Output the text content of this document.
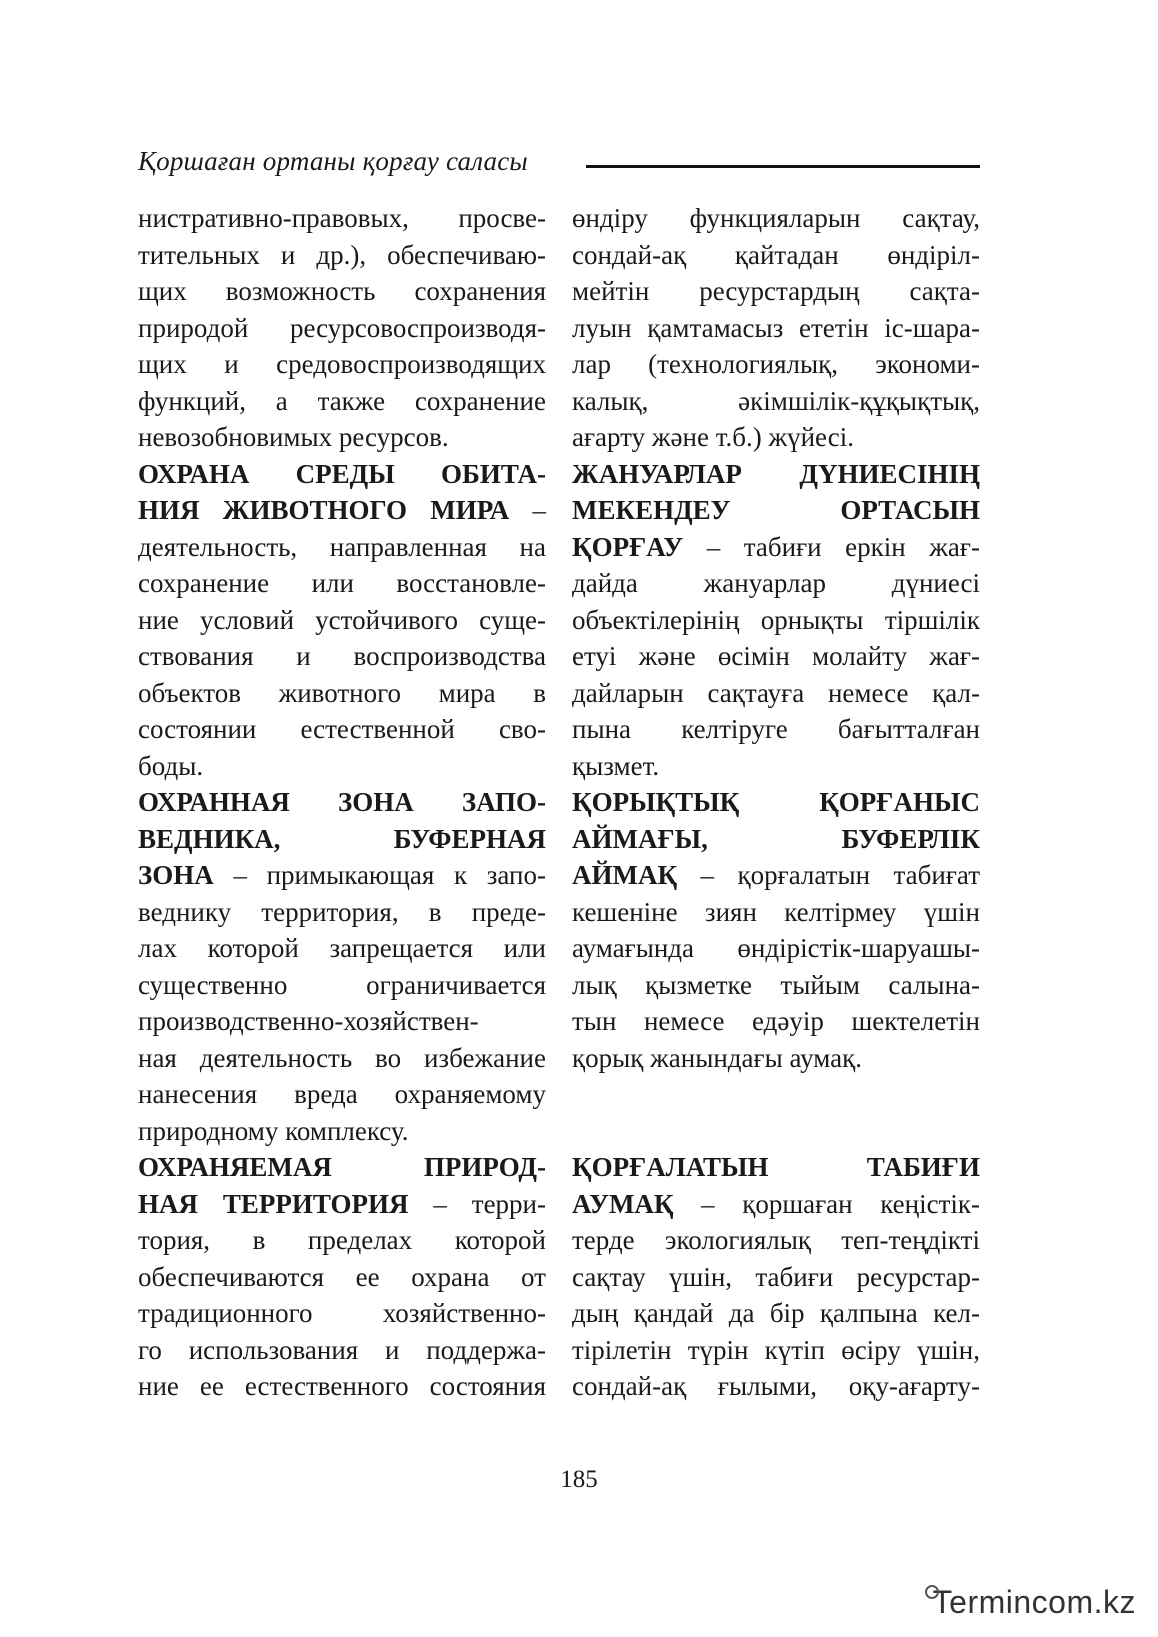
Қоршаған ортаны қорғау саласы

нистративно-правовых, просве-

тительных и др.), обеспечиваю-

щих возможность сохранения

природой ресурсовоспроизводя-

щих и средовоспроизводящих

функций, а также сохранение

невозобновимых ресурсов.

ОХРАНА СРЕДЫ ОБИТА-

НИЯ ЖИВОТНОГО МИРА –

деятельность, направленная на

сохранение или восстановле-

ние условий устойчивого суще-

ствования и воспроизводства

объектов животного мира в

состоянии естественной сво-

боды.

ОХРАННАЯ ЗОНА ЗАПО-

ВЕДНИКА, БУФЕРНАЯ

ЗОНА – примыкающая к запо-

веднику территория, в преде-

лах которой запрещается или

существенно ограничивается

производственно-хозяйствен-

ная деятельность во избежание

нанесения вреда охраняемому

природному комплексу.

ОХРАНЯЕМАЯ ПРИРОД-

НАЯ ТЕРРИТОРИЯ – терри-

тория, в пределах которой

обеспечиваются ее охрана от

традиционного хозяйственно-

го использования и поддержа-

ние ее естественного состояния

өндіру функцияларын сақтау,

сондай-ақ қайтадан өндіріл-

мейтін ресурстардың сақта-

луын қамтамасыз ететін іс-шара-

лар (технологиялық, экономи-

калық, әкімшілік-құқықтық,

ағарту және т.б.) жүйесі.

ЖАНУАРЛАР ДҮНИЕСІНІҢ

МЕКЕНДЕУ ОРТАСЫН

ҚОРҒАУ – табиғи еркін жағ-

дайда жануарлар дүниесі

объектілерінің орнықты тіршілік

етуі және өсімін молайту жағ-

дайларын сақтауға немесе қал-

пына келтіруге бағытталған

қызмет.

ҚОРЫҚТЫҚ ҚОРҒАНЫС

АЙМАҒЫ, БУФЕРЛІК

АЙМАҚ – қорғалатын табиғат

кешеніне зиян келтірмеу үшін

аумағында өндірістік-шаруашы-

лық қызметке тыйым салына-

тын немесе едәуір шектелетін

қорық жанындағы аумақ.

ҚОРҒАЛАТЫН ТАБИҒИ

АУМАҚ – қоршаған кеңістік-

терде экологиялық теп-теңдікті

сақтау үшін, табиғи ресурстар-

дың қандай да бір қалпына кел-

тірілетін түрін күтіп өсіру үшін,

сондай-ақ ғылыми, оқу-ағарту-

185
Termincom.kz
